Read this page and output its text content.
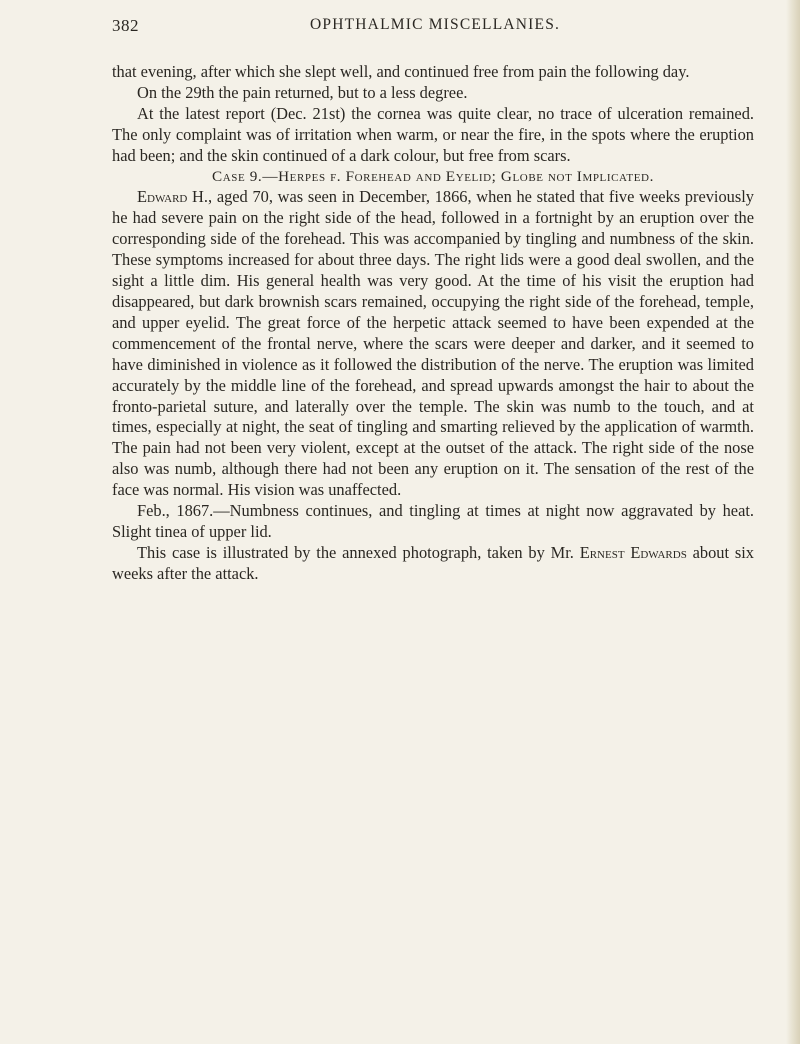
382	OPHTHALMIC MISCELLANIES.

that evening, after which she slept well, and continued free from pain the following day.

On the 29th the pain returned, but to a less degree.

At the latest report (Dec. 21st) the cornea was quite clear, no trace of ulceration remained. The only complaint was of irritation when warm, or near the fire, in the spots where the eruption had been; and the skin continued of a dark colour, but free from scars.

Case 9.—Herpes f. Forehead and Eyelid; Globe not Implicated.

Edward H., aged 70, was seen in December, 1866, when he stated that five weeks previously he had severe pain on the right side of the head, followed in a fortnight by an eruption over the corresponding side of the forehead. This was accompanied by tingling and numbness of the skin. These symptoms increased for about three days. The right lids were a good deal swollen, and the sight a little dim. His general health was very good. At the time of his visit the eruption had disappeared, but dark brownish scars remained, occupying the right side of the forehead, temple, and upper eyelid. The great force of the herpetic attack seemed to have been expended at the commencement of the frontal nerve, where the scars were deeper and darker, and it seemed to have diminished in violence as it followed the distribution of the nerve. The eruption was limited accurately by the middle line of the forehead, and spread upwards amongst the hair to about the fronto-parietal suture, and laterally over the temple. The skin was numb to the touch, and at times, especially at night, the seat of tingling and smarting relieved by the application of warmth. The pain had not been very violent, except at the outset of the attack. The right side of the nose also was numb, although there had not been any eruption on it. The sensation of the rest of the face was normal. His vision was unaffected.

Feb., 1867.—Numbness continues, and tingling at times at night now aggravated by heat. Slight tinea of upper lid.

This case is illustrated by the annexed photograph, taken by Mr. Ernest Edwards about six weeks after the attack.
